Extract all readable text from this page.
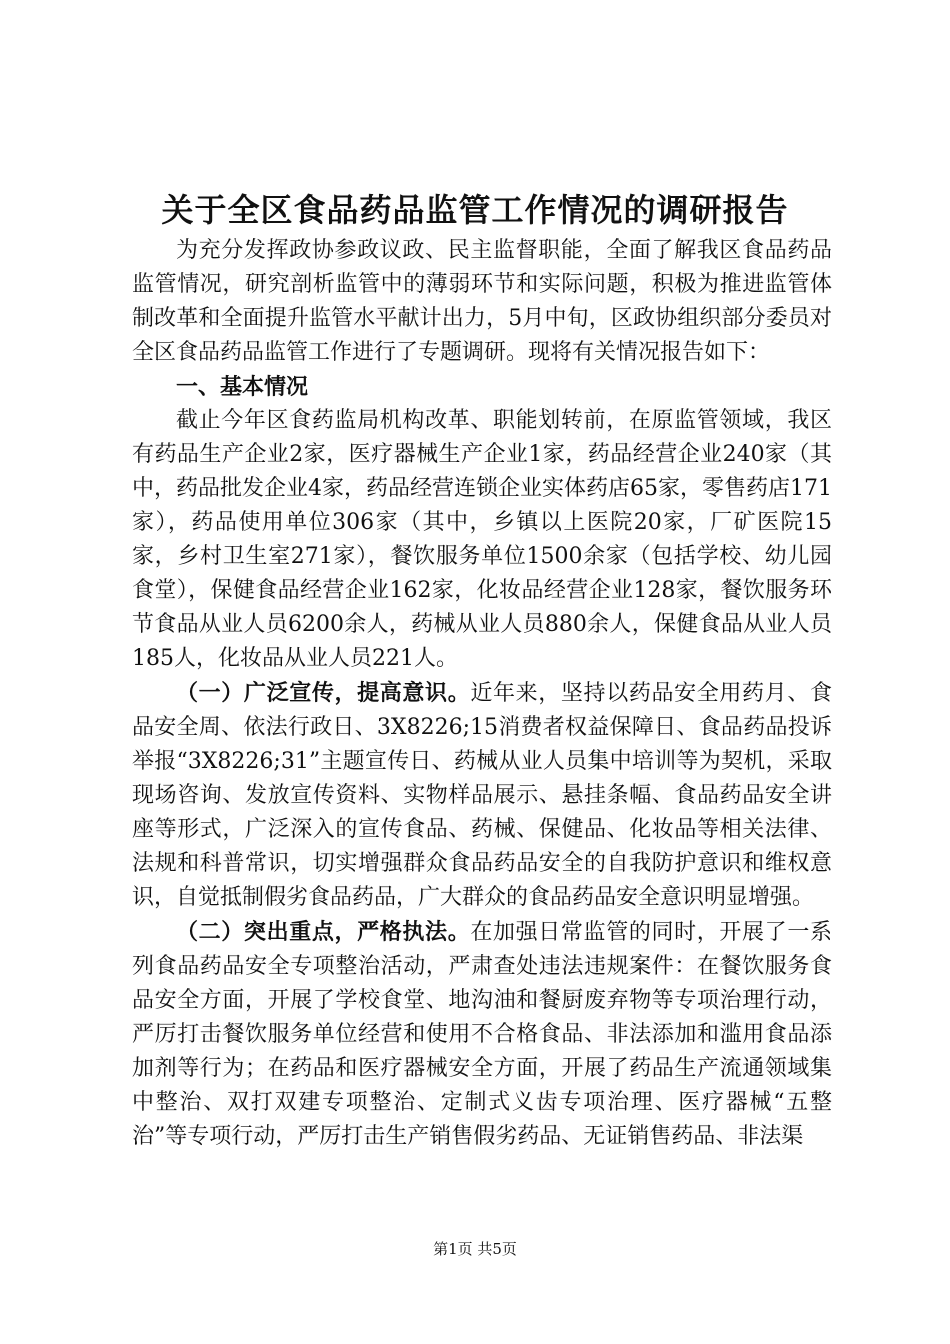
关于全区食品药品监管工作情况的调研报告

为充分发挥政协参政议政、民主监督职能，全面了解我区食品药品监管情况，研究剖析监管中的薄弱环节和实际问题，积极为推进监管体制改革和全面提升监管水平献计出力，5月中旬，区政协组织部分委员对全区食品药品监管工作进行了专题调研。现将有关情况报告如下：

一、基本情况

截止今年区食药监局机构改革、职能划转前，在原监管领域，我区有药品生产企业2家，医疗器械生产企业1家，药品经营企业240家（其中，药品批发企业4家，药品经营连锁企业实体药店65家，零售药店171家），药品使用单位306家（其中，乡镇以上医院20家，厂矿医院15家，乡村卫生室271家），餐饮服务单位1500余家（包括学校、幼儿园食堂），保健食品经营企业162家，化妆品经营企业128家，餐饮服务环节食品从业人员6200余人，药械从业人员880余人，保健食品从业人员185人，化妆品从业人员221人。

（一）广泛宣传，提高意识。近年来，坚持以药品安全用药月、食品安全周、依法行政日、3X8226;15消费者权益保障日、食品药品投诉举报“3X8226;31”主题宣传日、药械从业人员集中培训等为契机，采取现场咨询、发放宣传资料、实物样品展示、悬挂条幅、食品药品安全讲座等形式，广泛深入的宣传食品、药械、保健品、化妆品等相关法律、法规和科普常识，切实增强群众食品药品安全的自我防护意识和维权意识，自觉抵制假劣食品药品，广大群众的食品药品安全意识明显增强。

（二）突出重点，严格执法。在加强日常监管的同时，开展了一系列食品药品安全专项整治活动，严肃查处违法违规案件：在餐饮服务食品安全方面，开展了学校食堂、地沟油和餐厨废弃物等专项治理行动，严厉打击餐饮服务单位经营和使用不合格食品、非法添加和滥用食品添加剂等行为；在药品和医疗器械安全方面，开展了药品生产流通领域集中整治、双打双建专项整治、定制式义齿专项治理、医疗器械“五整治”等专项行动，严厉打击生产销售假劣药品、无证销售药品、非法渠

第1页 共5页
